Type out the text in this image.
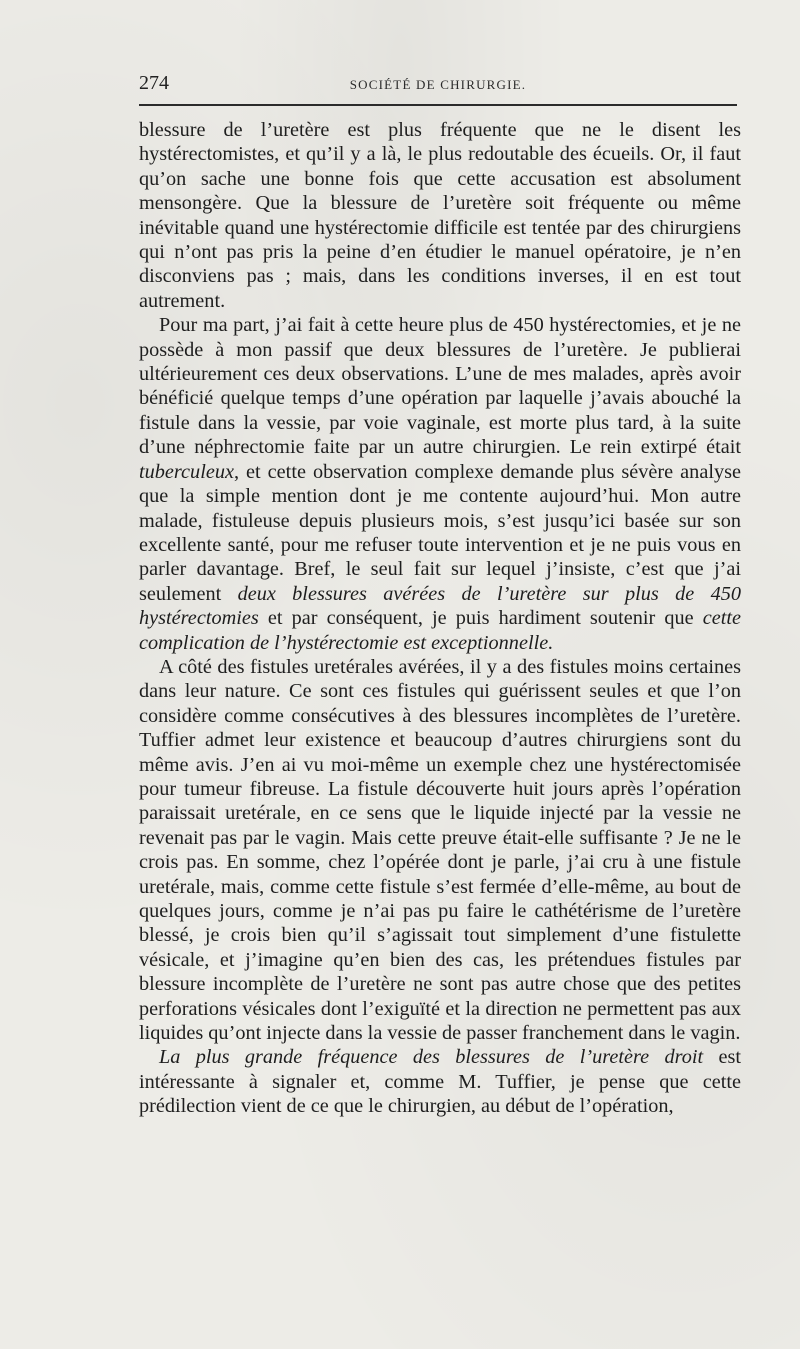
274	SOCIÉTÉ DE CHIRURGIE.

blessure de l’uretère est plus fréquente que ne le disent les hystérectomistes, et qu’il y a là, le plus redoutable des écueils. Or, il faut qu’on sache une bonne fois que cette accusation est absolument mensongère. Que la blessure de l’uretère soit fréquente ou même inévitable quand une hystérectomie difficile est tentée par des chirurgiens qui n’ont pas pris la peine d’en étudier le manuel opératoire, je n’en disconviens pas ; mais, dans les conditions inverses, il en est tout autrement.

Pour ma part, j’ai fait à cette heure plus de 450 hystérectomies, et je ne possède à mon passif que deux blessures de l’uretère. Je publierai ultérieurement ces deux observations. L’une de mes malades, après avoir bénéficié quelque temps d’une opération par laquelle j’avais abouché la fistule dans la vessie, par voie vaginale, est morte plus tard, à la suite d’une néphrectomie faite par un autre chirurgien. Le rein extirpé était tuberculeux, et cette observation complexe demande plus sévère analyse que la simple mention dont je me contente aujourd’hui. Mon autre malade, fistuleuse depuis plusieurs mois, s’est jusqu’ici basée sur son excellente santé, pour me refuser toute intervention et je ne puis vous en parler davantage. Bref, le seul fait sur lequel j’insiste, c’est que j’ai seulement deux blessures avérées de l’uretère sur plus de 450 hystérectomies et par conséquent, je puis hardiment soutenir que cette complication de l’hystérectomie est exceptionnelle.

A côté des fistules uretérales avérées, il y a des fistules moins certaines dans leur nature. Ce sont ces fistules qui guérissent seules et que l’on considère comme consécutives à des blessures incomplètes de l’uretère. Tuffier admet leur existence et beaucoup d’autres chirurgiens sont du même avis. J’en ai vu moi-même un exemple chez une hystérectomisée pour tumeur fibreuse. La fistule découverte huit jours après l’opération paraissait uretérale, en ce sens que le liquide injecté par la vessie ne revenait pas par le vagin. Mais cette preuve était-elle suffisante ? Je ne le crois pas. En somme, chez l’opérée dont je parle, j’ai cru à une fistule uretérale, mais, comme cette fistule s’est fermée d’elle-même, au bout de quelques jours, comme je n’ai pas pu faire le cathétérisme de l’uretère blessé, je crois bien qu’il s’agissait tout simplement d’une fistulette vésicale, et j’imagine qu’en bien des cas, les prétendues fistules par blessure incomplète de l’uretère ne sont pas autre chose que des petites perforations vésicales dont l’exiguïté et la direction ne permettent pas aux liquides qu’ont injecte dans la vessie de passer franchement dans le vagin.

La plus grande fréquence des blessures de l’uretère droit est intéressante à signaler et, comme M. Tuffier, je pense que cette prédilection vient de ce que le chirurgien, au début de l’opération,
